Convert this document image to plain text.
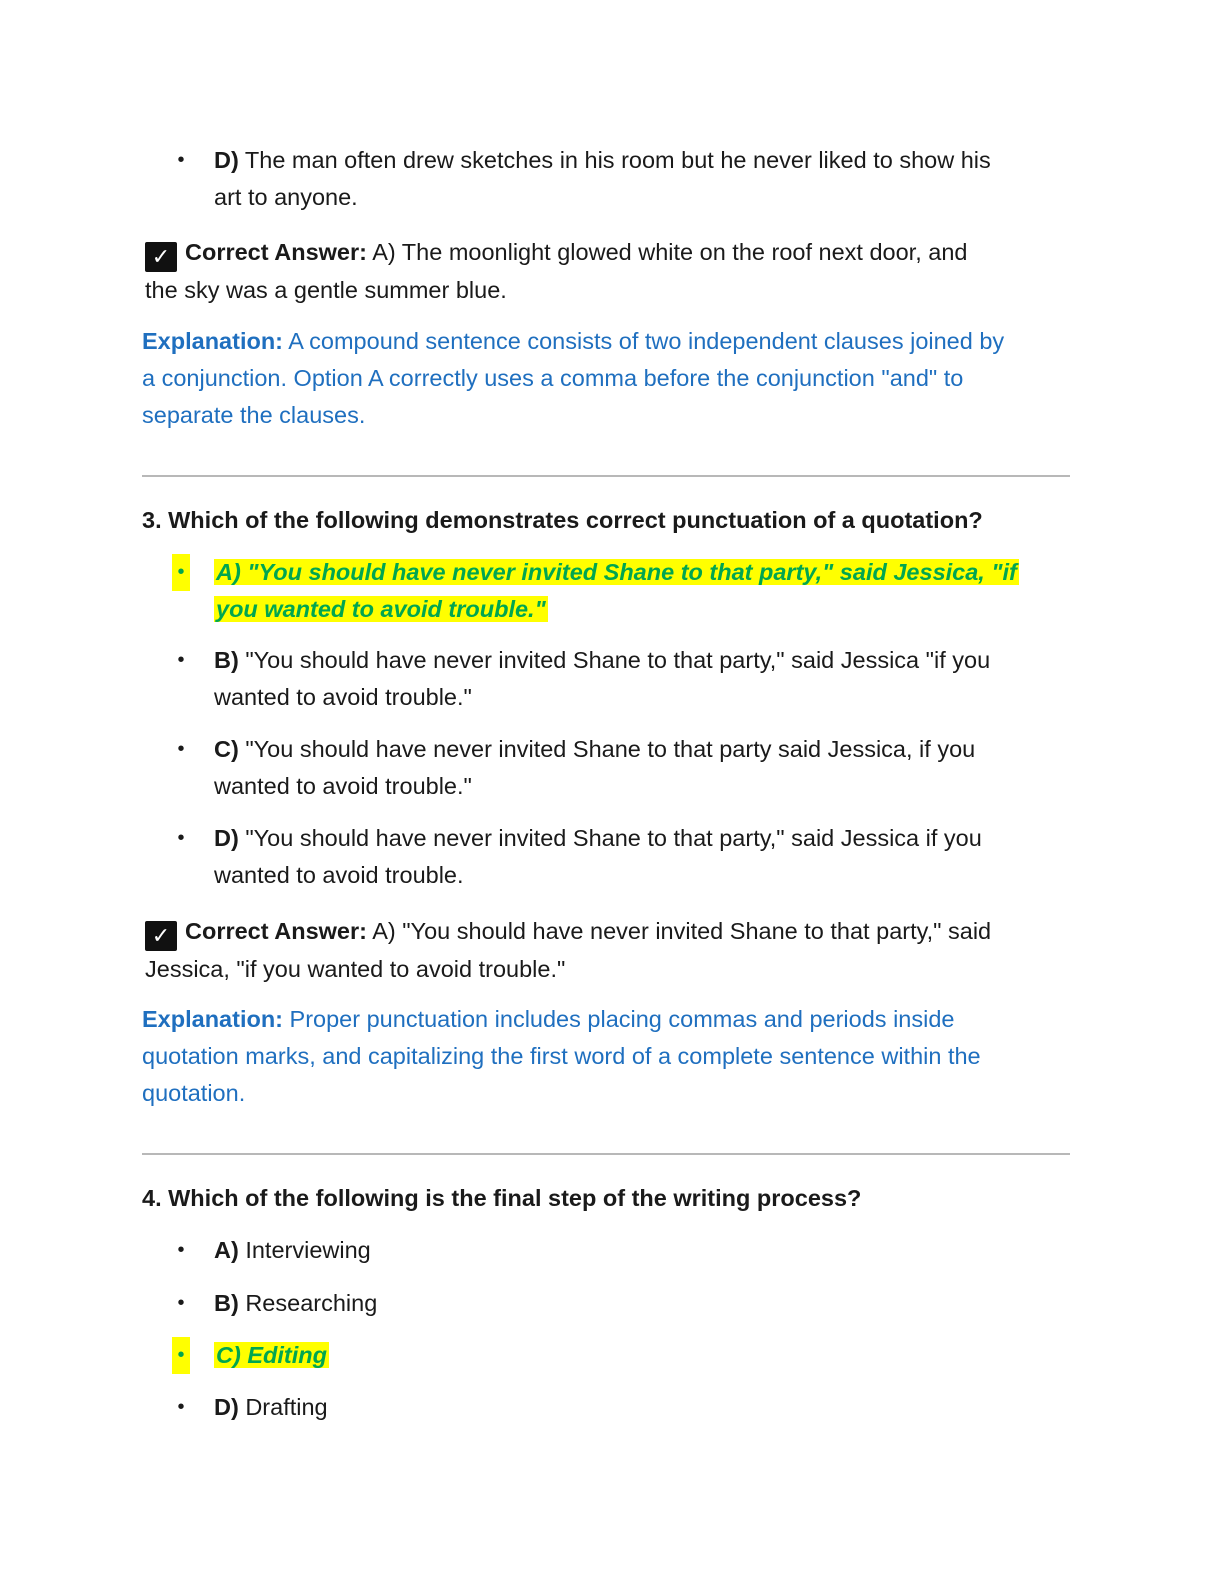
• D) The man often drew sketches in his room but he never liked to show his
art to anyone.
✓ Correct Answer: A) The moonlight glowed white on the roof next door, and
the sky was a gentle summer blue.
Explanation: A compound sentence consists of two independent clauses joined by
a conjunction. Option A correctly uses a comma before the conjunction "and" to
separate the clauses.
3. Which of the following demonstrates correct punctuation of a quotation?
• A) "You should have never invited Shane to that party," said Jessica, "if
you wanted to avoid trouble."
• B) "You should have never invited Shane to that party," said Jessica "if you
wanted to avoid trouble."
• C) "You should have never invited Shane to that party said Jessica, if you
wanted to avoid trouble."
• D) "You should have never invited Shane to that party," said Jessica if you
wanted to avoid trouble.
✓ Correct Answer: A) "You should have never invited Shane to that party," said
Jessica, "if you wanted to avoid trouble."
Explanation: Proper punctuation includes placing commas and periods inside
quotation marks, and capitalizing the first word of a complete sentence within the
quotation.
4. Which of the following is the final step of the writing process?
• A) Interviewing
• B) Researching
• C) Editing
• D) Drafting
